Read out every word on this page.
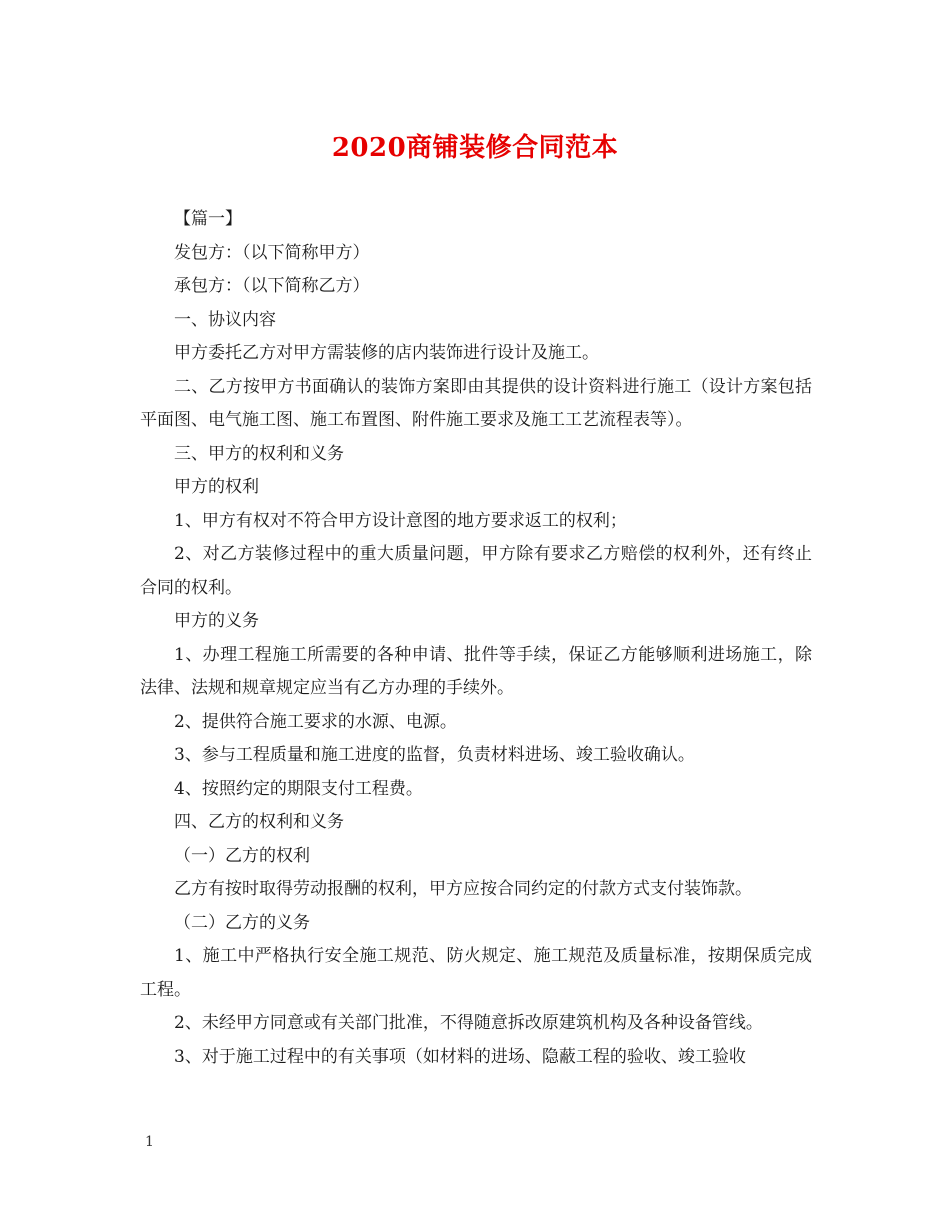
2020商铺装修合同范本

【篇一】

发包方：（以下简称甲方）

承包方：（以下简称乙方）

一、协议内容

甲方委托乙方对甲方需装修的店内装饰进行设计及施工。

二、乙方按甲方书面确认的装饰方案即由其提供的设计资料进行施工（设计方案包括平面图、电气施工图、施工布置图、附件施工要求及施工工艺流程表等）。

三、甲方的权利和义务

甲方的权利

1、甲方有权对不符合甲方设计意图的地方要求返工的权利；

2、对乙方装修过程中的重大质量问题，甲方除有要求乙方赔偿的权利外，还有终止合同的权利。

甲方的义务

1、办理工程施工所需要的各种申请、批件等手续，保证乙方能够顺利进场施工，除法律、法规和规章规定应当有乙方办理的手续外。

2、提供符合施工要求的水源、电源。

3、参与工程质量和施工进度的监督，负责材料进场、竣工验收确认。

4、按照约定的期限支付工程费。

四、乙方的权利和义务

（一）乙方的权利

乙方有按时取得劳动报酬的权利，甲方应按合同约定的付款方式支付装饰款。

（二）乙方的义务

1、施工中严格执行安全施工规范、防火规定、施工规范及质量标准，按期保质完成工程。

2、未经甲方同意或有关部门批准，不得随意拆改原建筑机构及各种设备管线。

3、对于施工过程中的有关事项（如材料的进场、隐蔽工程的验收、竣工验收

1
